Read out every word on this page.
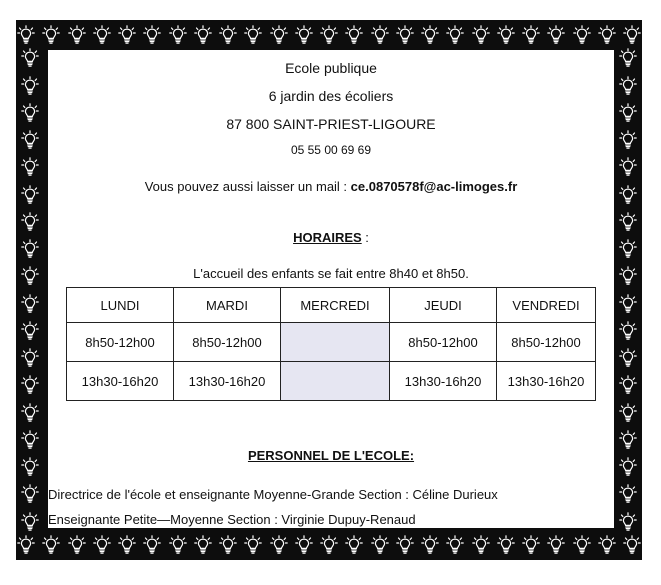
Ecole publique
6 jardin des écoliers
87 800 SAINT-PRIEST-LIGOURE
05 55 00 69 69
Vous pouvez aussi laisser un mail : ce.0870578f@ac-limoges.fr
HORAIRES :
L'accueil des enfants se fait entre 8h40 et 8h50.
LUNDI	MARDI	MERCREDI	JEUDI	VENDREDI
8h50-12h00	8h50-12h00		8h50-12h00	8h50-12h00
13h30-16h20	13h30-16h20		13h30-16h20	13h30-16h20
PERSONNEL DE L'ECOLE:
Directrice de l'école et enseignante Moyenne-Grande Section : Céline Durieux
Enseignante Petite—Moyenne Section : Virginie Dupuy-Renaud
